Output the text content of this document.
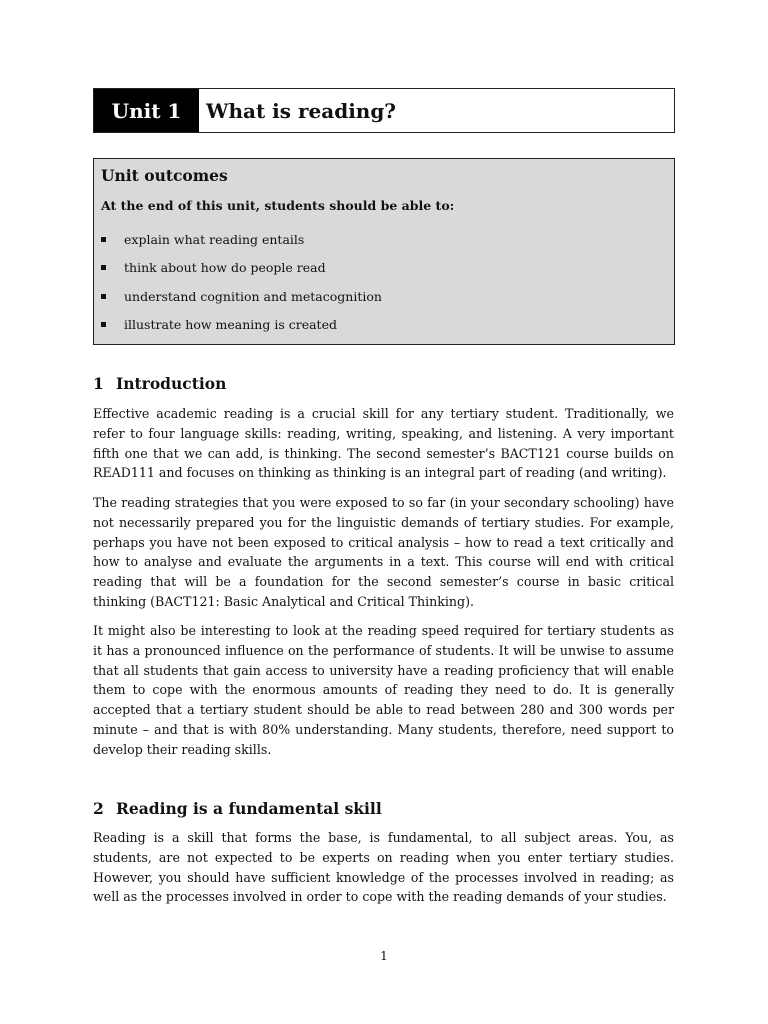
Unit 1	What is reading?
Unit outcomes
At the end of this unit, students should be able to:
explain what reading entails
think about how do people read
understand cognition and metacognition
illustrate how meaning is created
1 Introduction

Effective academic reading is a crucial skill for any tertiary student. Traditionally, we refer to four language skills: reading, writing, speaking, and listening. A very important fifth one that we can add, is thinking. The second semester’s BACT121 course builds on READ111 and focuses on thinking as thinking is an integral part of reading (and writing).

The reading strategies that you were exposed to so far (in your secondary schooling) have not necessarily prepared you for the linguistic demands of tertiary studies. For example, perhaps you have not been exposed to critical analysis – how to read a text critically and how to analyse and evaluate the arguments in a text. This course will end with critical reading that will be a foundation for the second semester’s course in basic critical thinking (BACT121: Basic Analytical and Critical Thinking).

It might also be interesting to look at the reading speed required for tertiary students as it has a pronounced influence on the performance of students. It will be unwise to assume that all students that gain access to university have a reading proficiency that will enable them to cope with the enormous amounts of reading they need to do. It is generally accepted that a tertiary student should be able to read between 280 and 300 words per minute – and that is with 80% understanding. Many students, therefore, need support to develop their reading skills.

2 Reading is a fundamental skill

Reading is a skill that forms the base, is fundamental, to all subject areas. You, as students, are not expected to be experts on reading when you enter tertiary studies. However, you should have sufficient knowledge of the processes involved in reading; as well as the processes involved in order to cope with the reading demands of your studies.

1
